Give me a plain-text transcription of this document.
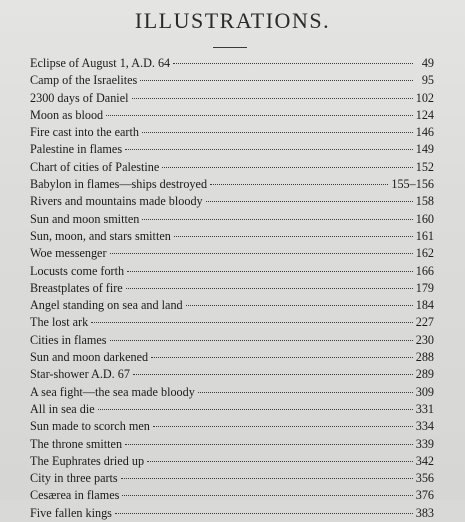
ILLUSTRATIONS.
Eclipse of August 1, A.D. 64	49
Camp of the Israelites	95
2300 days of Daniel	102
Moon as blood	124
Fire cast into the earth	146
Palestine in flames	149
Chart of cities of Palestine	152
Babylon in flames—ships destroyed	155–156
Rivers and mountains made bloody	158
Sun and moon smitten	160
Sun, moon, and stars smitten	161
Woe messenger	162
Locusts come forth	166
Breastplates of fire	179
Angel standing on sea and land	184
The lost ark	227
Cities in flames	230
Sun and moon darkened	288
Star-shower A.D. 67	289
A sea fight—the sea made bloody	309
All in sea die	331
Sun made to scorch men	334
The throne smitten	339
The Euphrates dried up	342
City in three parts	356
Cesærea in flames	376
Five fallen kings	383
